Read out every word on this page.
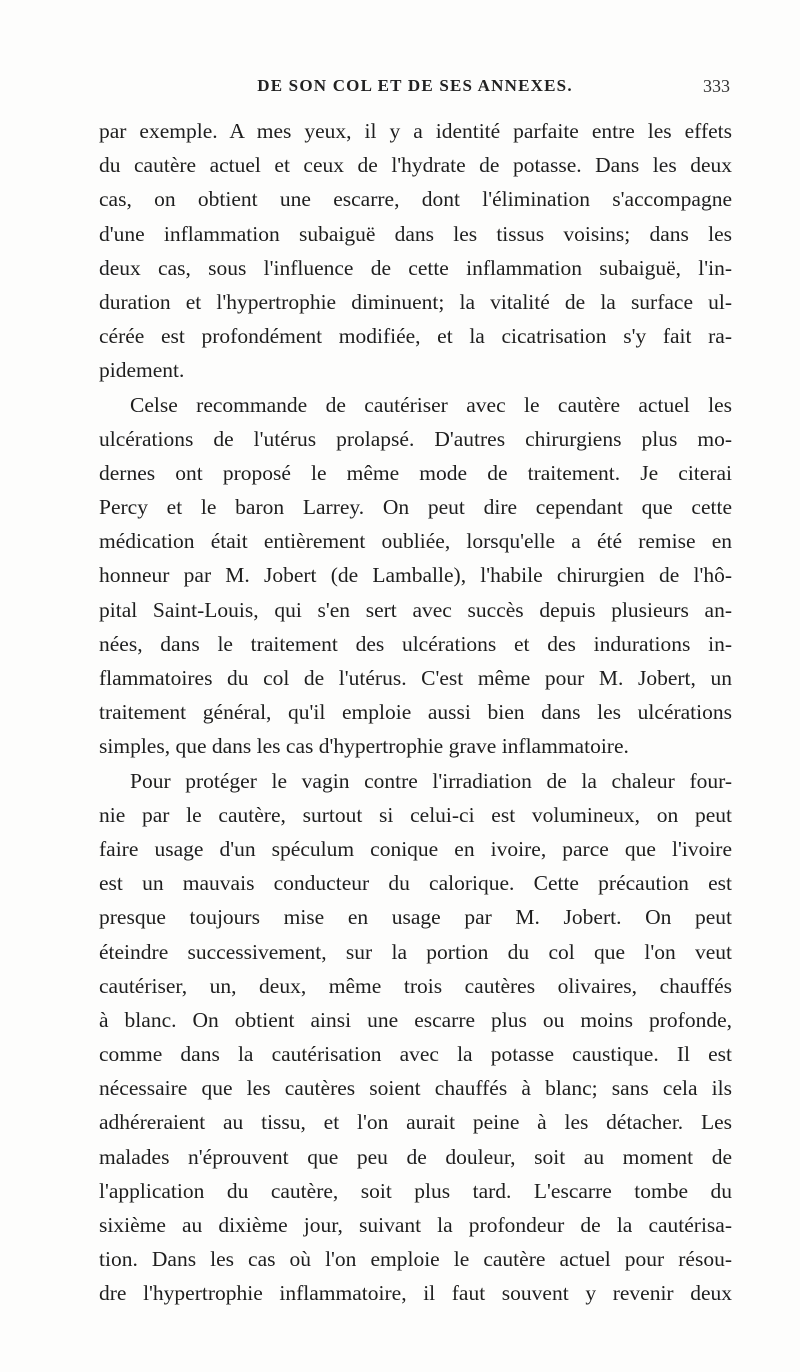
DE SON COL ET DE SES ANNEXES.	333
par exemple. A mes yeux, il y a identité parfaite entre les effets
du cautère actuel et ceux de l'hydrate de potasse. Dans les deux
cas, on obtient une escarre, dont l'élimination s'accompagne
d'une inflammation subaiguë dans les tissus voisins; dans les
deux cas, sous l'influence de cette inflammation subaiguë, l'in-
duration et l'hypertrophie diminuent; la vitalité de la surface ul-
cérée est profondément modifiée, et la cicatrisation s'y fait ra-
pidement.
Celse recommande de cautériser avec le cautère actuel les
ulcérations de l'utérus prolapsé. D'autres chirurgiens plus mo-
dernes ont proposé le même mode de traitement. Je citerai
Percy et le baron Larrey. On peut dire cependant que cette
médication était entièrement oubliée, lorsqu'elle a été remise en
honneur par M. Jobert (de Lamballe), l'habile chirurgien de l'hô-
pital Saint-Louis, qui s'en sert avec succès depuis plusieurs an-
nées, dans le traitement des ulcérations et des indurations in-
flammatoires du col de l'utérus. C'est même pour M. Jobert, un
traitement général, qu'il emploie aussi bien dans les ulcérations
simples, que dans les cas d'hypertrophie grave inflammatoire.
Pour protéger le vagin contre l'irradiation de la chaleur four-
nie par le cautère, surtout si celui-ci est volumineux, on peut
faire usage d'un spéculum conique en ivoire, parce que l'ivoire
est un mauvais conducteur du calorique. Cette précaution est
presque toujours mise en usage par M. Jobert. On peut
éteindre successivement, sur la portion du col que l'on veut
cautériser, un, deux, même trois cautères olivaires, chauffés
à blanc. On obtient ainsi une escarre plus ou moins profonde,
comme dans la cautérisation avec la potasse caustique. Il est
nécessaire que les cautères soient chauffés à blanc; sans cela ils
adhéreraient au tissu, et l'on aurait peine à les détacher. Les
malades n'éprouvent que peu de douleur, soit au moment de
l'application du cautère, soit plus tard. L'escarre tombe du
sixième au dixième jour, suivant la profondeur de la cautérisa-
tion. Dans les cas où l'on emploie le cautère actuel pour résou-
dre l'hypertrophie inflammatoire, il faut souvent y revenir deux
